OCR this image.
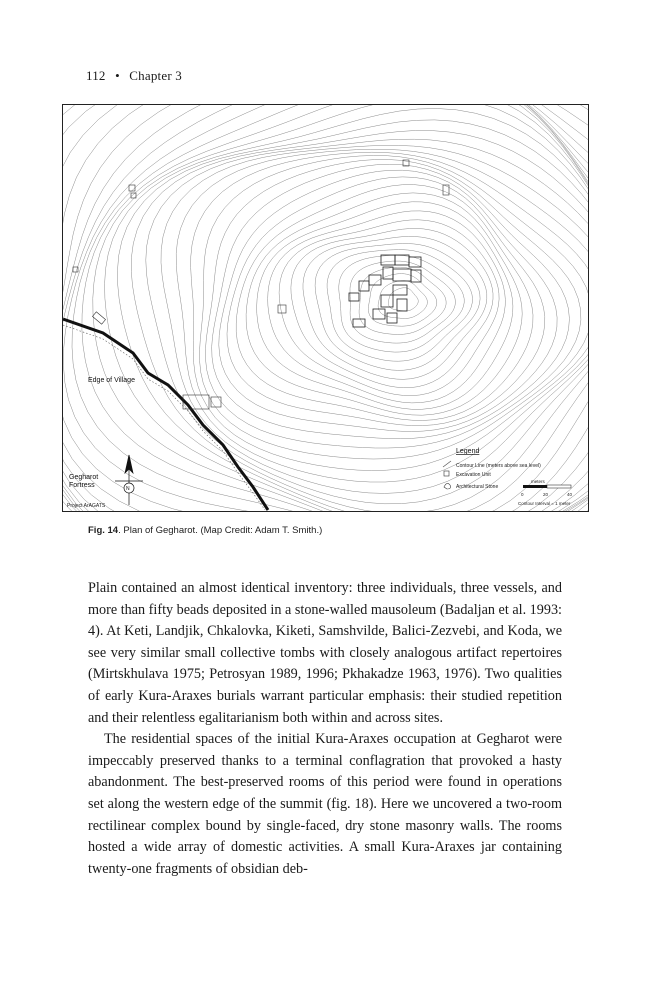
112 • Chapter 3
Legend
Contour Line (meters above sea level)
Excavation Unit
Architectural Stone
meters
0	20	40
Contour Interval = 1 meter
Edge of Village
Gegharot
Fortress
Project ArAGATS
N
Fig. 14. Plan of Gegharot. (Map Credit: Adam T. Smith.)

Plain contained an almost identical inventory: three individuals, three vessels, and more than fifty beads deposited in a stone-walled mausoleum (Badaljan et al. 1993: 4). At Keti, Landjik, Chkalovka, Kiketi, Samshvilde, Balici-Zezvebi, and Koda, we see very similar small collective tombs with closely analogous artifact repertoires (Mirtskhulava 1975; Petrosyan 1989, 1996; Pkhakadze 1963, 1976). Two qualities of early Kura-Araxes burials warrant particular emphasis: their studied repetition and their relentless egalitarianism both within and across sites.

The residential spaces of the initial Kura-Araxes occupation at Gegharot were impeccably preserved thanks to a terminal conflagration that provoked a hasty abandonment. The best-preserved rooms of this period were found in operations set along the western edge of the summit (fig. 18). Here we uncovered a two-room rectilinear complex bound by single-faced, dry stone masonry walls. The rooms hosted a wide array of domestic activities. A small Kura-Araxes jar containing twenty-one fragments of obsidian deb-
